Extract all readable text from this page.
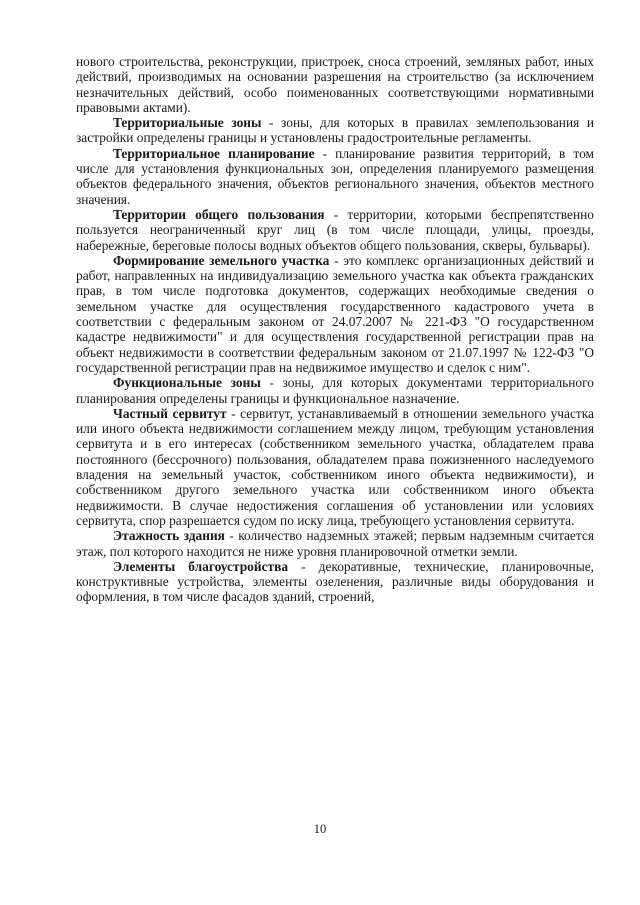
нового строительства, реконструкции, пристроек, сноса строений, земляных работ, иных действий, производимых на основании разрешения на строительство (за исключением незначительных действий, особо поименованных соответствующими нормативными правовыми актами).

Территориальные зоны - зоны, для которых в правилах землепользования и застройки определены границы и установлены градостроительные регламенты.

Территориальное планирование - планирование развития территорий, в том числе для установления функциональных зон, определения планируемого размещения объектов федерального значения, объектов регионального значения, объектов местного значения.

Территории общего пользования - территории, которыми беспрепятственно пользуется неограниченный круг лиц (в том числе площади, улицы, проезды, набережные, береговые полосы водных объектов общего пользования, скверы, бульвары).

Формирование земельного участка - это комплекс организационных действий и работ, направленных на индивидуализацию земельного участка как объекта гражданских прав, в том числе подготовка документов, содержащих необходимые сведения о земельном участке для осуществления государственного кадастрового учета в соответствии с федеральным законом от 24.07.2007 № 221-ФЗ "О государственном кадастре недвижимости" и для осуществления государственной регистрации прав на объект недвижимости в соответствии федеральным законом от 21.07.1997 № 122-ФЗ "О государственной регистрации прав на недвижимое имущество и сделок с ним".

Функциональные зоны - зоны, для которых документами территориального планирования определены границы и функциональное назначение.

Частный сервитут - сервитут, устанавливаемый в отношении земельного участка или иного объекта недвижимости соглашением между лицом, требующим установления сервитута и в его интересах (собственником земельного участка, обладателем права постоянного (бессрочного) пользования, обладателем права пожизненного наследуемого владения на земельный участок, собственником иного объекта недвижимости), и собственником другого земельного участка или собственником иного объекта недвижимости. В случае недостижения соглашения об установлении или условиях сервитута, спор разрешается судом по иску лица, требующего установления сервитута.

Этажность здания - количество надземных этажей; первым надземным считается этаж, пол которого находится не ниже уровня планировочной отметки земли.

Элементы благоустройства - декоративные, технические, планировочные, конструктивные устройства, элементы озеленения, различные виды оборудования и оформления, в том числе фасадов зданий, строений,

10
